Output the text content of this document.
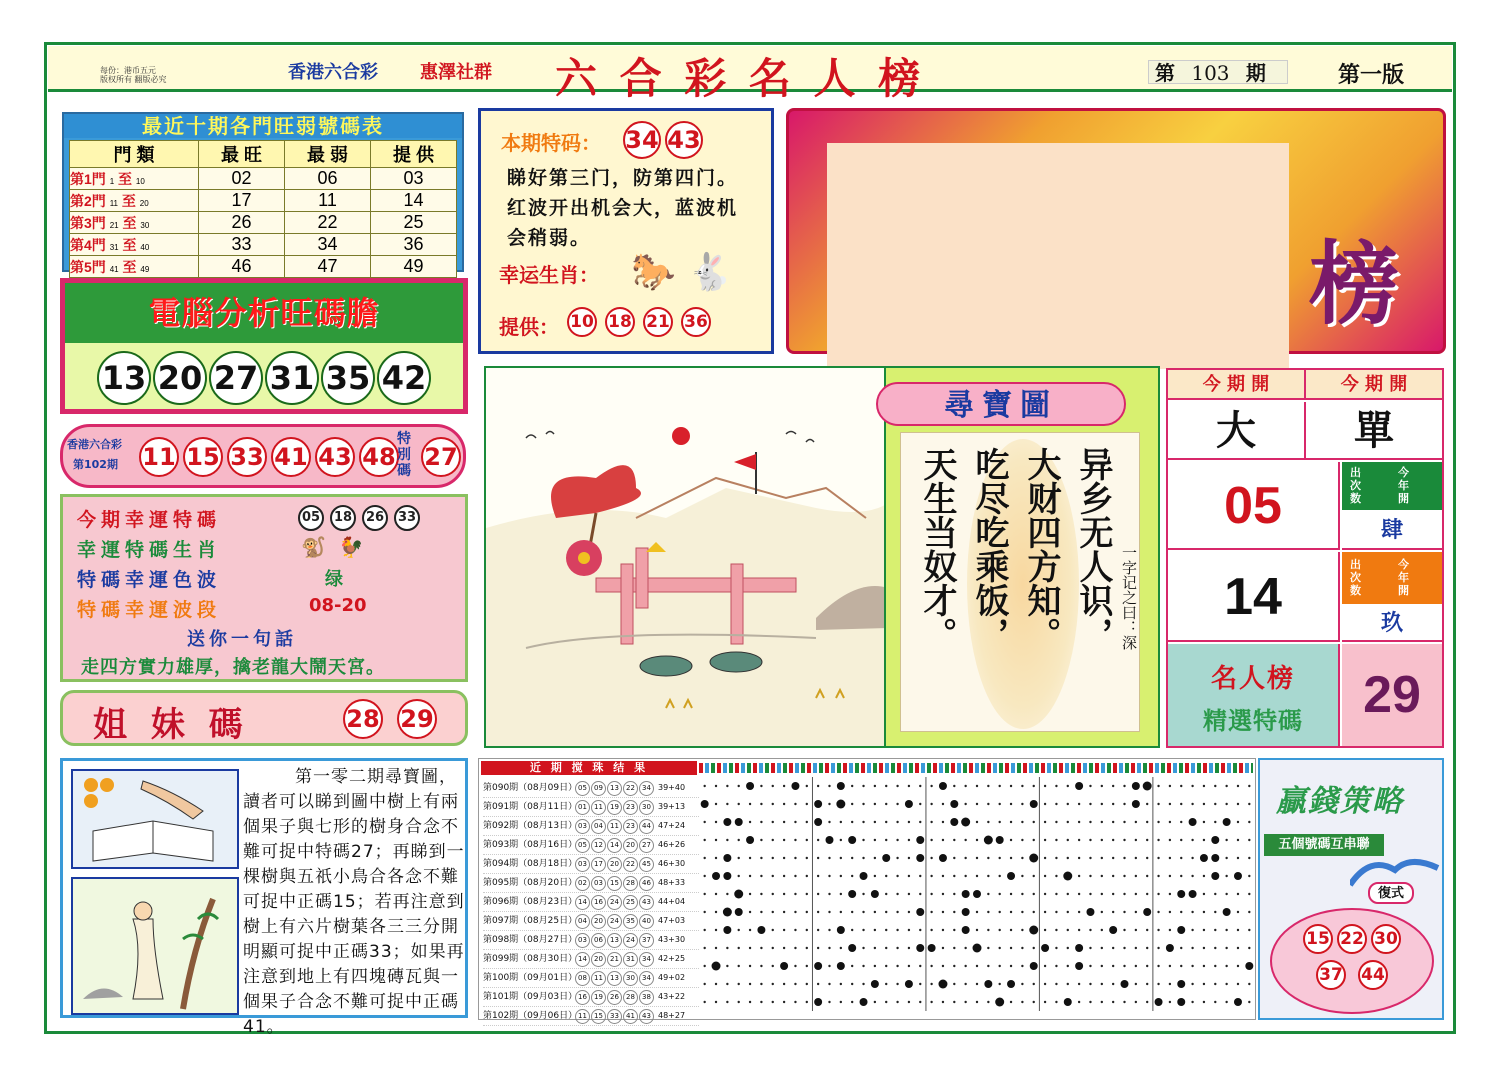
每份：港币五元
版权所有 翻版必究	香港六合彩 惠澤社群 六 合 彩 名 人 榜	第 103 期	第一版
最近十期各門旺弱號碼表
門 類	最 旺	最 弱	提 供
第1門 1 至 10	02	06	03
第2門 11 至 20	17	11	14
第3門 21 至 30	26	22	25
第4門 31 至 40	33	34	36
第5門 41 至 49	46	47	49
電腦分析旺碼膽
13 20 27 31 35 42
香港六合彩
第102期 11 15 33 41 43 48
特別碼 27
今期幸運特碼	05 18 26 33
幸運特碼生肖	🐒  🐓
特碼幸運色波	绿
特碼幸運波段	08-20
送你一句話
走四方實力雄厚，擒老龍大鬧天宮。
姐 妹 碼	28 29
本期特码： 34 43
睇好第三门，防第四门。红波开出机会大，蓝波机会稍弱。
幸运生肖： 🐎 🐇
提供： 10 18 21 36	榜
尋寶圖
天生当奴才。 吃尽吃乘饭， 大财四方知。 异乡无人识， 一字记之曰：深
今 期 開	今 期 開
大	單
05
出次数
今年開
肆
14
出次数
今年開
玖
名人榜
精選特碼	29
第一零二期尋寶圖，讀者可以睇到圖中樹上有兩個果子與七形的樹身合念不難可捉中特碼27；再睇到一棵樹與五祇小鳥合各念不難可捉中正碼15；若再注意到樹上有六片樹葉各三三分開明顯可捉中正碼33；如果再注意到地上有四塊磚瓦與一個果子合念不難可捉中正碼41。
近 期 搅 珠 结 果
第090期（08月09日）05 09 13 22 34 39+40
第091期（08月11日）01 11 19 23 30 39+13
第092期（08月13日）03 04 11 23 44 47+24
第093期（08月16日）05 12 14 20 27 46+26
第094期（08月18日）03 17 20 22 45 46+30
第095期（08月20日）02 03 15 28 46 48+33
第096期（08月23日）14 16 24 25 43 44+04
第097期（08月25日）04 20 24 35 40 47+03
第098期（08月27日）03 06 13 24 37 43+30
第099期（08月30日）14 20 21 31 34 42+25
第100期（09月01日）08 11 13 30 34 49+02
第101期（09月03日）16 19 26 28 38 43+22
第102期（09月06日）11 15 33 41 43 48+27
贏錢策略
五個號碼互串聯
復式
15 22 30
37 44
